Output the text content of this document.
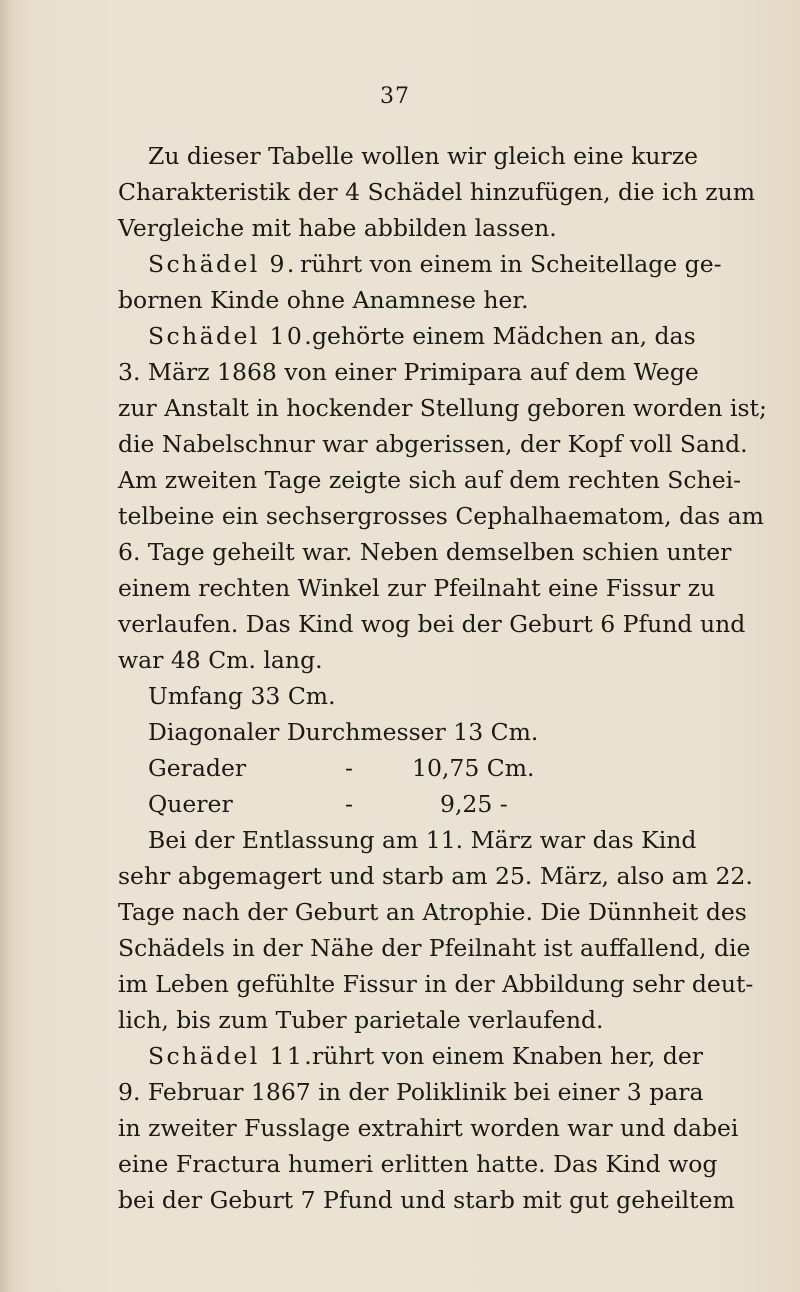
37
Zu dieser Tabelle wollen wir gleich eine kurze
Charakteristik der 4 Schädel hinzufügen, die ich zum
Vergleiche mit habe abbilden lassen.
Schädel 9. rührt von einem in Scheitellage ge-
bornen Kinde ohne Anamnese her.
Schädel 10.
gehörte einem Mädchen an, das
3. März 1868 von einer Primipara auf dem Wege
zur Anstalt in hockender Stellung geboren worden ist;
die Nabelschnur war abgerissen, der Kopf voll Sand.
Am zweiten Tage zeigte sich auf dem rechten Schei-
telbeine ein sechsergrosses Cephalhaematom, das am
6. Tage geheilt war. Neben demselben schien unter
einem rechten Winkel zur Pfeilnaht eine Fissur zu
verlaufen. Das Kind wog bei der Geburt 6 Pfund und
war 48 Cm. lang.
Umfang 33 Cm.
Diagonaler Durchmesser 13 Cm.
Gerader	-	10,75 Cm.
Querer	-	9,25 -
Bei der Entlassung am 11. März war das Kind
sehr abgemagert und starb am 25. März, also am 22.
Tage nach der Geburt an Atrophie. Die Dünnheit des
Schädels in der Nähe der Pfeilnaht ist auffallend, die
im Leben gefühlte Fissur in der Abbildung sehr deut-
lich, bis zum Tuber parietale verlaufend.
Schädel 11.
rührt von einem Knaben her, der
9. Februar 1867 in der Poliklinik bei einer 3 para
in zweiter Fusslage extrahirt worden war und dabei
eine Fractura humeri erlitten hatte. Das Kind wog
bei der Geburt 7 Pfund und starb mit gut geheiltem
